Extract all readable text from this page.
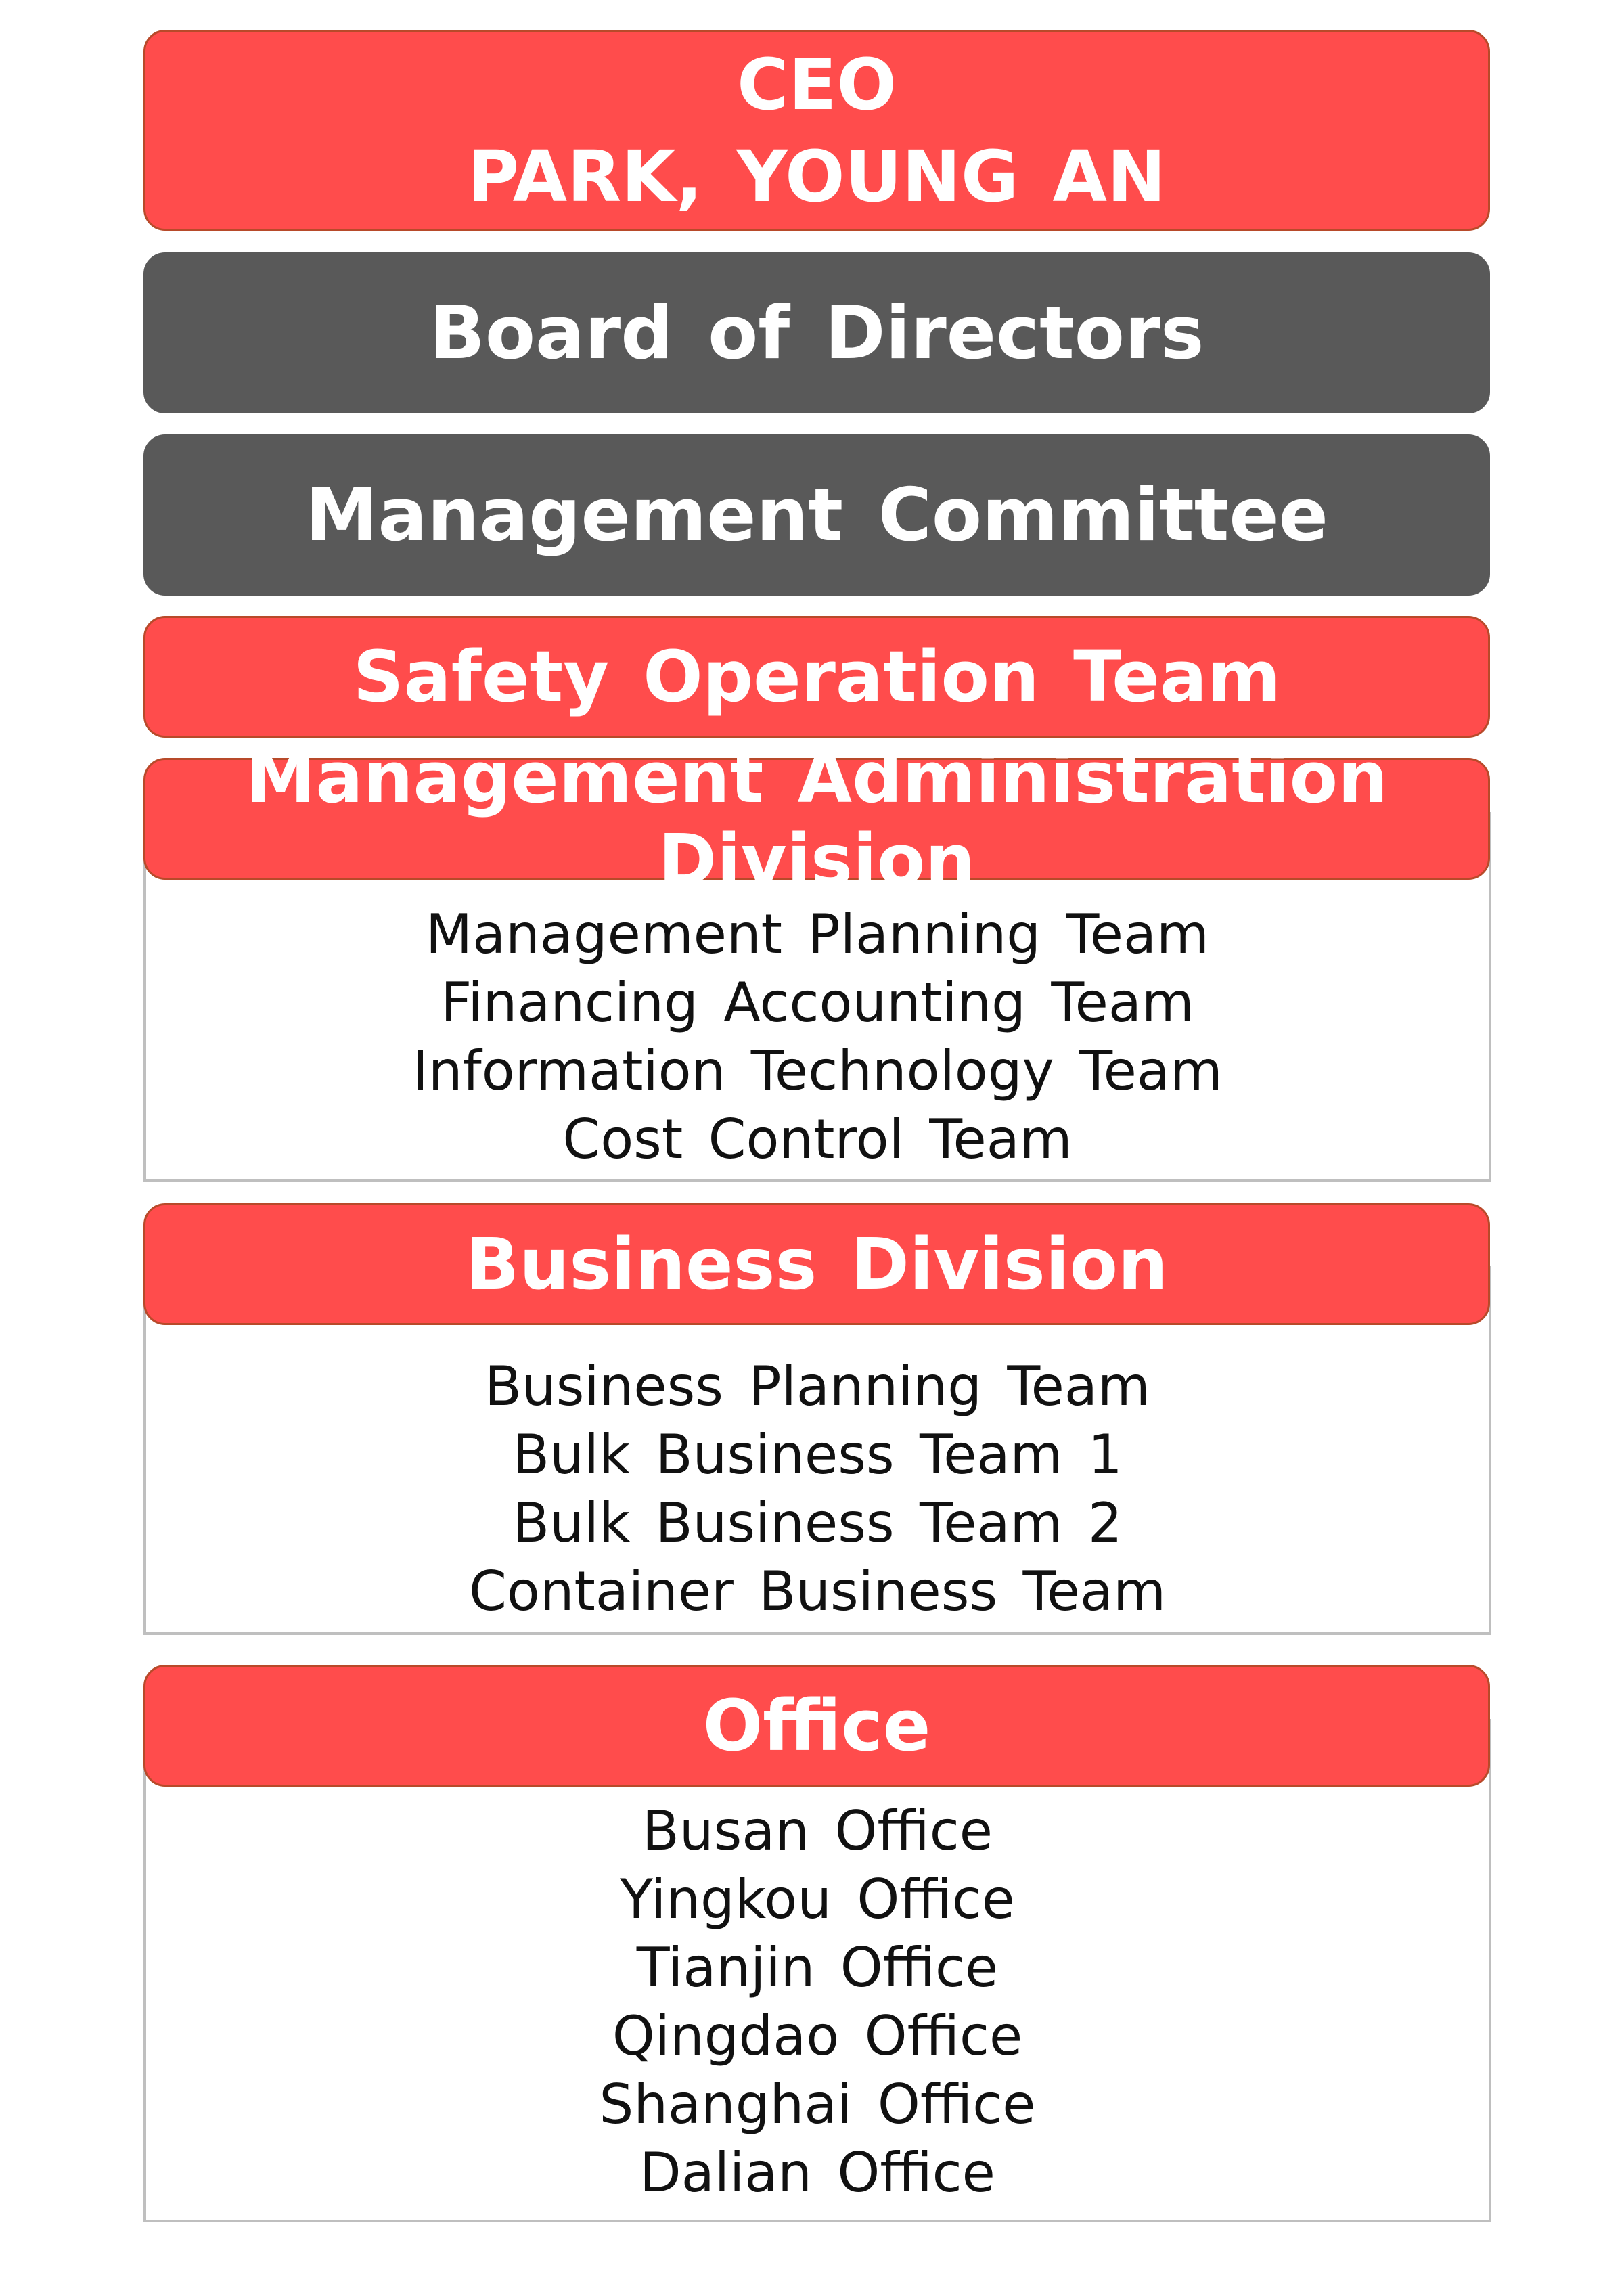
CEO
PARK, YOUNG AN
Board of Directors
Management Committee
Safety Operation Team
Management Administration Division
Management Planning Team
Financing Accounting Team
Information Technology Team
Cost Control Team
Business Division
Business Planning Team
Bulk Business Team 1
Bulk Business Team 2
Container Business Team
Office
Busan Office
Yingkou Office
Tianjin Office
Qingdao Office
Shanghai Office
Dalian Office
